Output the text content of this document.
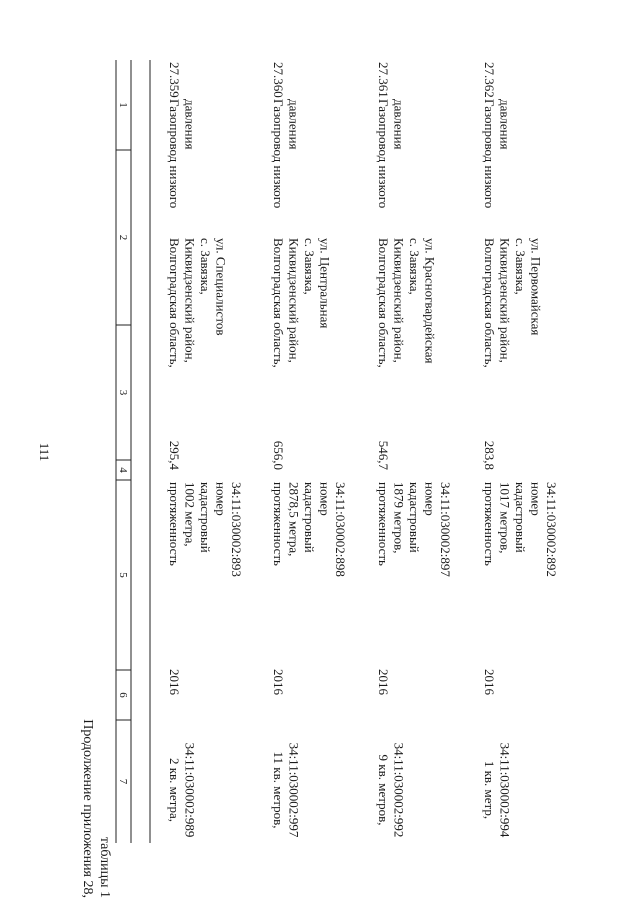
111
Продолжение приложения 28, таблицы 1
1
2
3
4
5
6
7
27.359
Газопровод низкого давления
Волгоградская область, Киквидзенский район, с. Завязка, ул. Специалистов
295,4
протяженность 1002 метра, кадастровый номер 34:11:030002:893
2016
2 кв. метра, 34:11:030002:989
27.360
Газопровод низкого давления
Волгоградская область, Киквидзенский район, с. Завязка, ул. Центральная
656,0
протяженность 2878,5 метра, кадастровый номер 34:11:030002:898
2016
11 кв. метров, 34:11:030002:997
27.361
Газопровод низкого давления
Волгоградская область, Киквидзенский район, с. Завязка, ул. Красногвардейская
546,7
протяженность 1879 метров, кадастровый номер 34:11:030002:897
2016
9 кв. метров, 34:11:030002:992
27.362
Газопровод низкого давления
Волгоградская область, Киквидзенский район, с. Завязка, ул. Первомайская
283,8
протяженность 1017 метров, кадастровый номер 34:11:030002:892
2016
1 кв. метр, 34:11:030002:994
